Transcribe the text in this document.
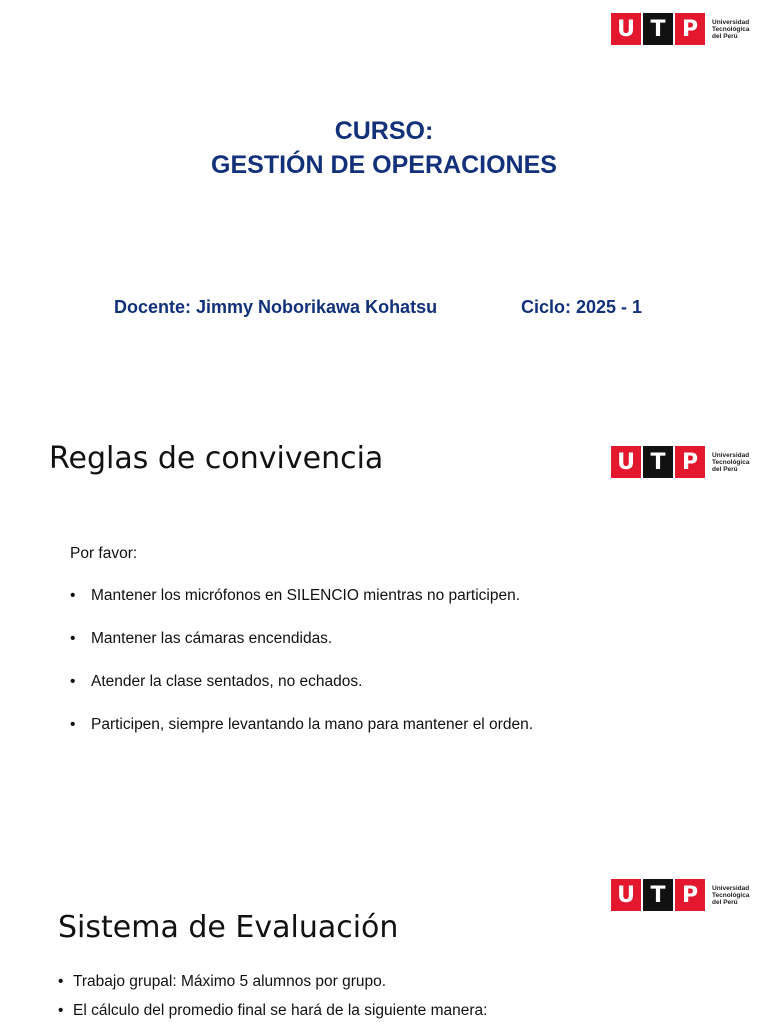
U T P	Universidad
Tecnológica
del Perú
CURSO:
GESTIÓN DE OPERACIONES
Docente: Jimmy Noborikawa Kohatsu	Ciclo: 2025 - 1
Reglas de convivencia	U T P	Universidad
Tecnológica
del Perú
Por favor:
•	Mantener los micrófonos en SILENCIO mientras no participen.
•	Mantener las cámaras encendidas.
•	Atender la clase sentados, no echados.
•	Participen, siempre levantando la mano para mantener el orden.
U T P	Universidad
Tecnológica
del Perú
Sistema de Evaluación
• Trabajo grupal: Máximo 5 alumnos por grupo.
• El cálculo del promedio final se hará de la siguiente manera:
